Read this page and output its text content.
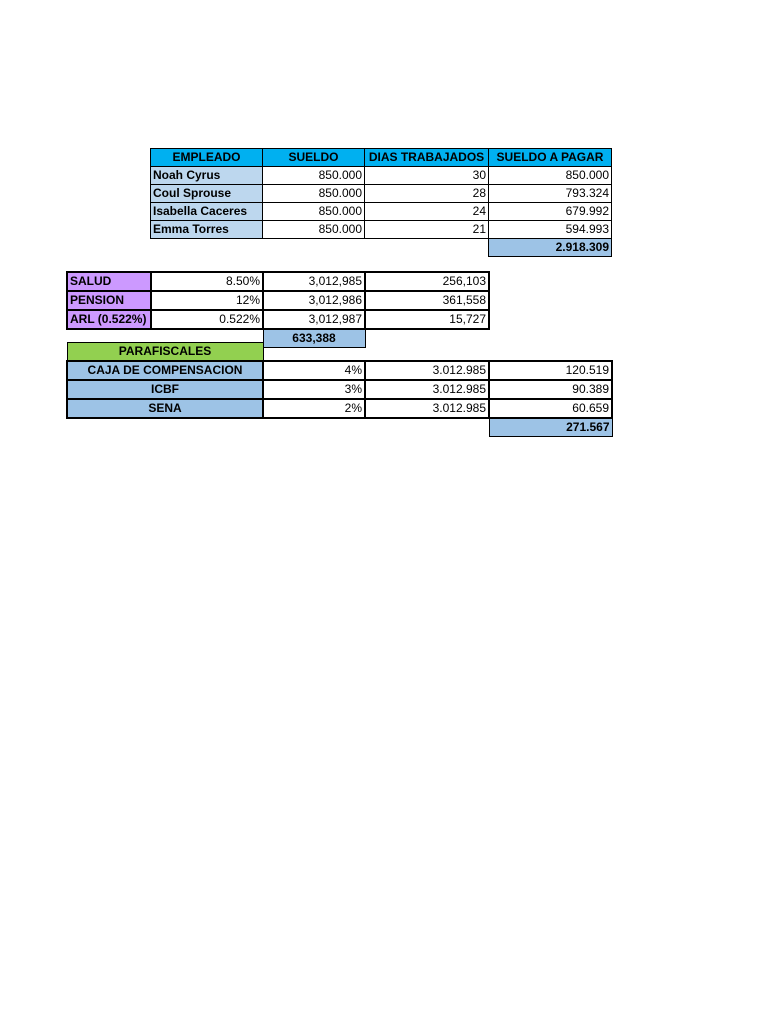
EMPLEADO	SUELDO	DIAS TRABAJADOS	SUELDO A PAGAR
Noah Cyrus	850.000	30	850.000
Coul Sprouse	850.000	28	793.324
Isabella Caceres	850.000	24	679.992
Emma Torres	850.000	21	594.993
			2.918.309
SALUD	8.50%	3,012,985	256,103
PENSION	12%	3,012,986	361,558
ARL (0.522%)	0.522%	3,012,987	15,727
		633,388	
PARAFISCALES			
CAJA DE COMPENSACION	4%	3.012.985	120.519
ICBF	3%	3.012.985	90.389
SENA	2%	3.012.985	60.659
			271.567
